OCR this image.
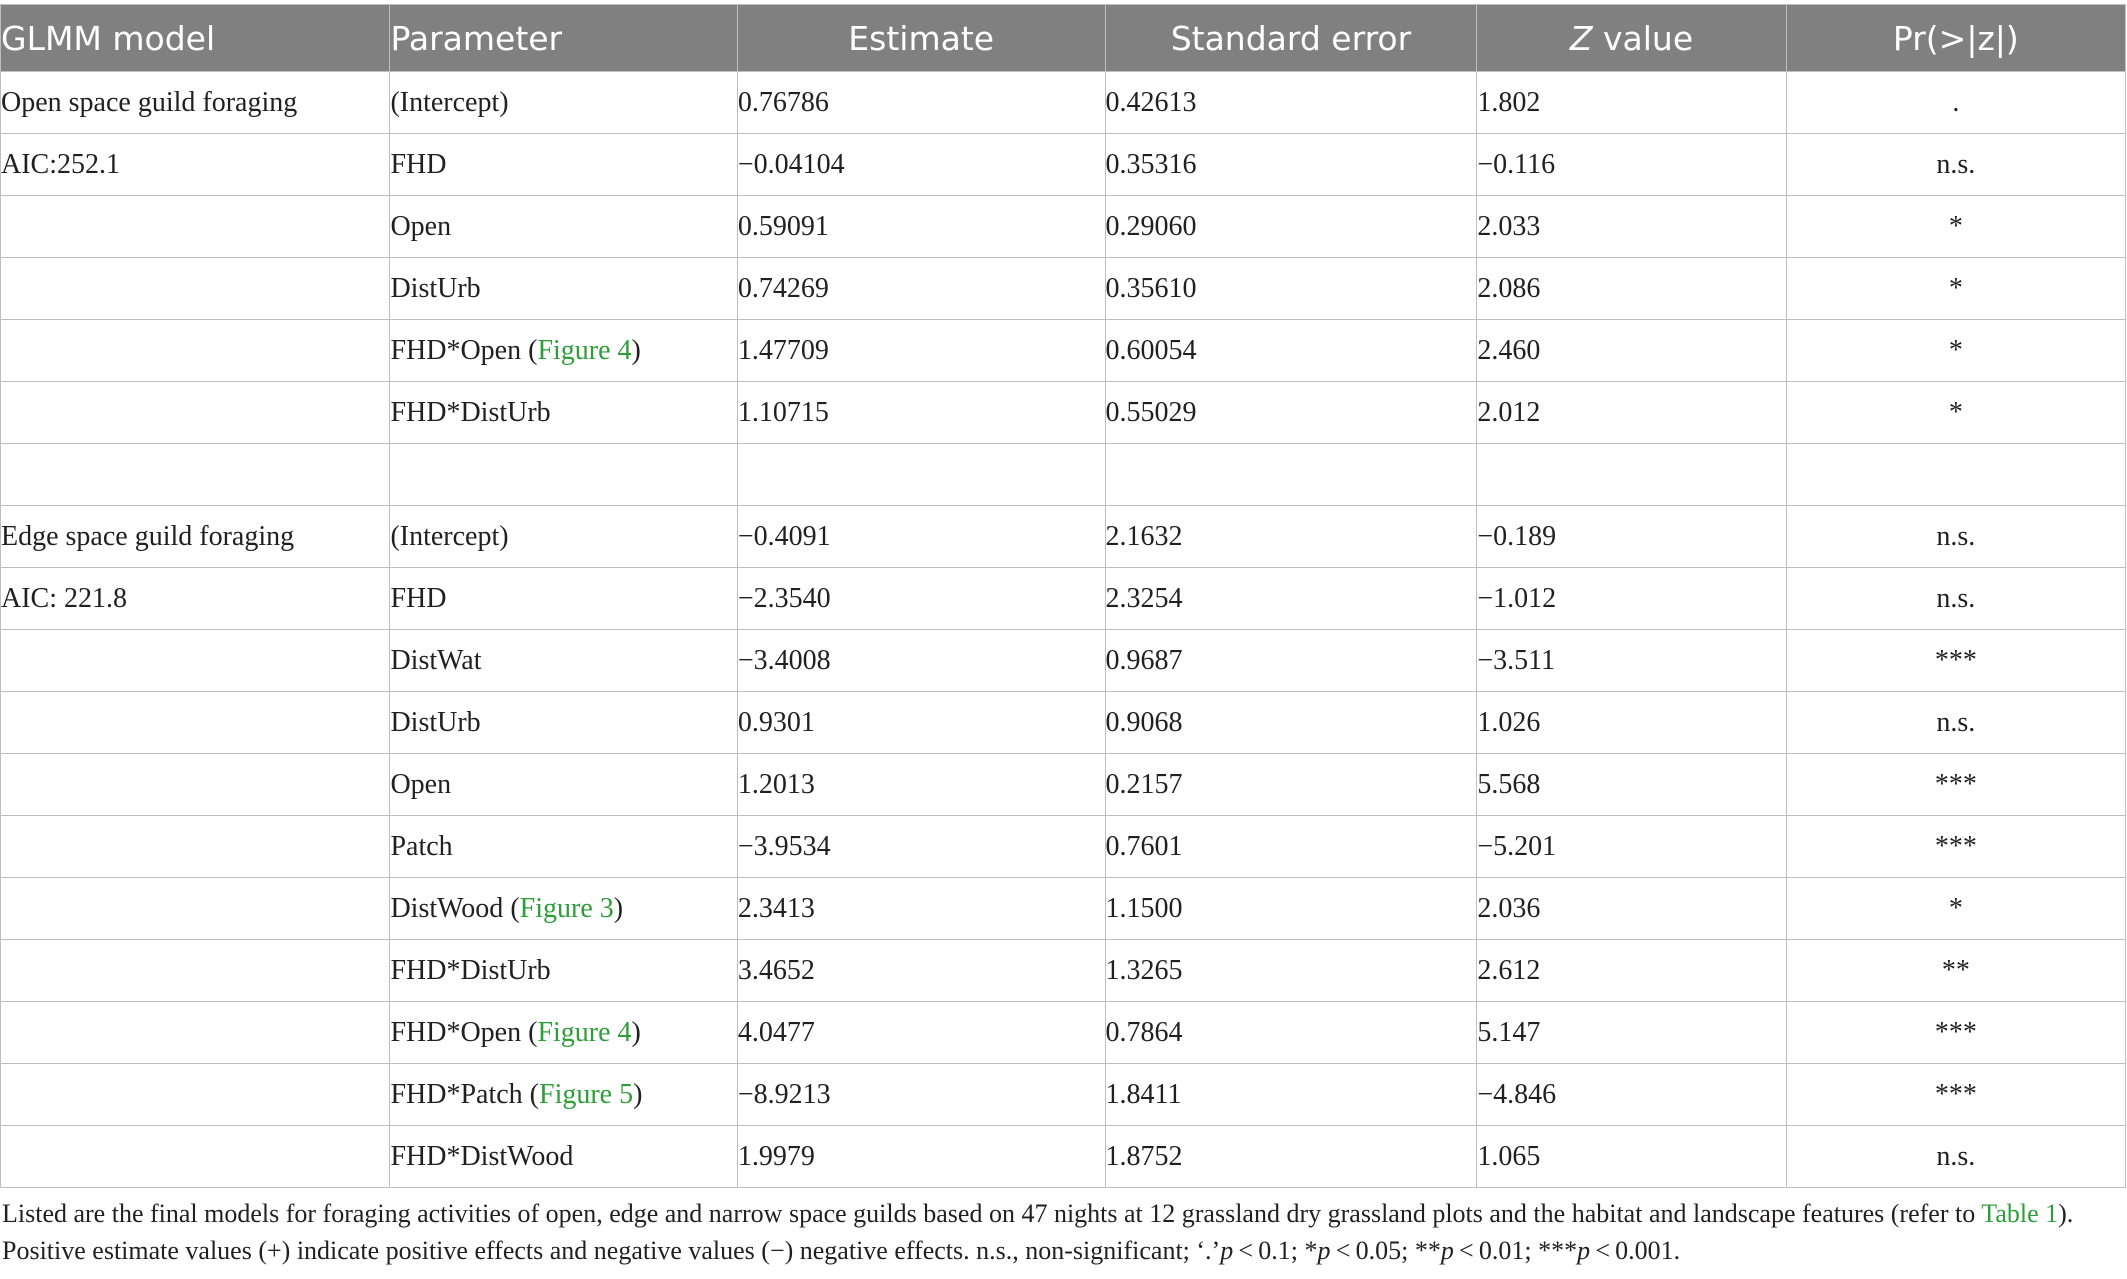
GLMM model	Parameter	Estimate	Standard error	Z value	Pr(>|z|)
Open space guild foraging	(Intercept)	0.76786	0.42613	1.802	.
AIC:252.1	FHD	−0.04104	0.35316	−0.116	n.s.
	Open	0.59091	0.29060	2.033	*
	DistUrb	0.74269	0.35610	2.086	*
	FHD*Open (Figure 4)	1.47709	0.60054	2.460	*
	FHD*DistUrb	1.10715	0.55029	2.012	*

Edge space guild foraging	(Intercept)	−0.4091	2.1632	−0.189	n.s.
AIC: 221.8	FHD	−2.3540	2.3254	−1.012	n.s.
	DistWat	−3.4008	0.9687	−3.511	***
	DistUrb	0.9301	0.9068	1.026	n.s.
	Open	1.2013	0.2157	5.568	***
	Patch	−3.9534	0.7601	−5.201	***
	DistWood (Figure 3)	2.3413	1.1500	2.036	*
	FHD*DistUrb	3.4652	1.3265	2.612	**
	FHD*Open (Figure 4)	4.0477	0.7864	5.147	***
	FHD*Patch (Figure 5)	−8.9213	1.8411	−4.846	***
	FHD*DistWood	1.9979	1.8752	1.065	n.s.
Listed are the final models for foraging activities of open, edge and narrow space guilds based on 47 nights at 12 grassland dry grassland plots and the habitat and landscape features (refer to Table 1). Positive estimate values (+) indicate positive effects and negative values (−) negative effects. n.s., non-significant; ‘.’p < 0.1; *p < 0.05; **p < 0.01; ***p < 0.001.
